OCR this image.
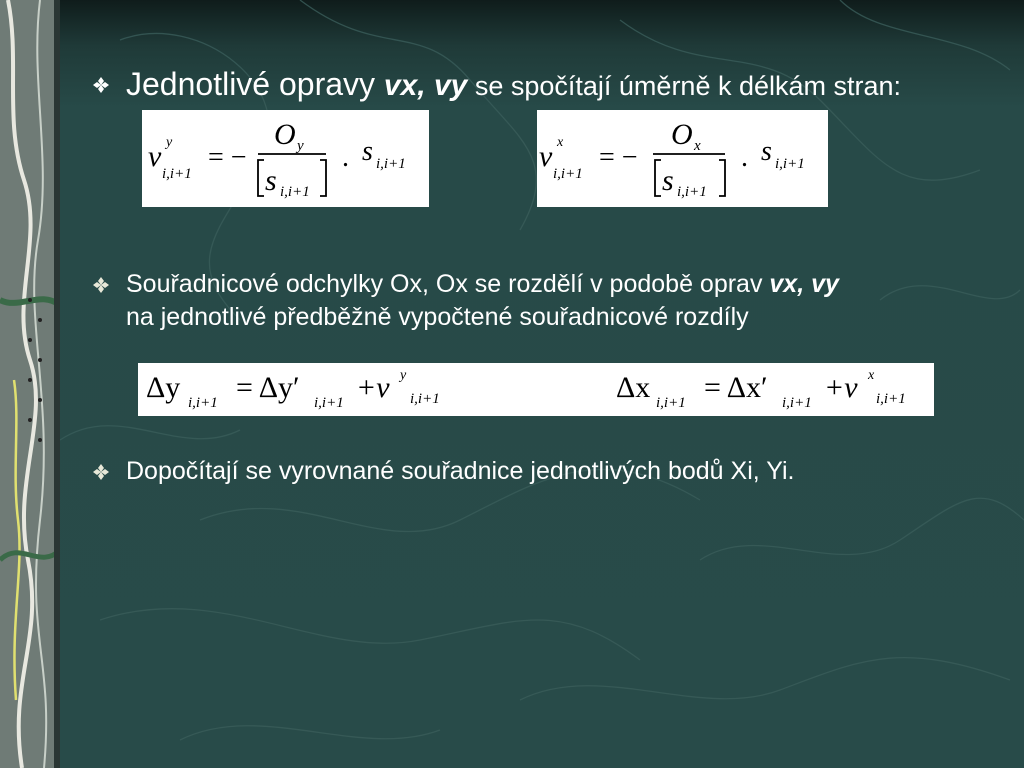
Jednotlivé opravy vx, vy se spočítají úměrně k délkám stran:
v y
i,i+1
= −
O y
s i,i+1
. s i,i+1	v x
i,i+1
= −
O x
s i,i+1
. s i,i+1
Souřadnicové odchylky Ox, Ox se rozdělí v podobě oprav vx, vy
na jednotlivé předběžně vypočtené souřadnicové rozdíly
Δy i,i+1 = Δy′ i,i+1 +v y
i,i+1	Δx i,i+1 = Δx′ i,i+1 +v x
i,i+1
Dopočítají se vyrovnané souřadnice jednotlivých bodů Xi, Yi.
